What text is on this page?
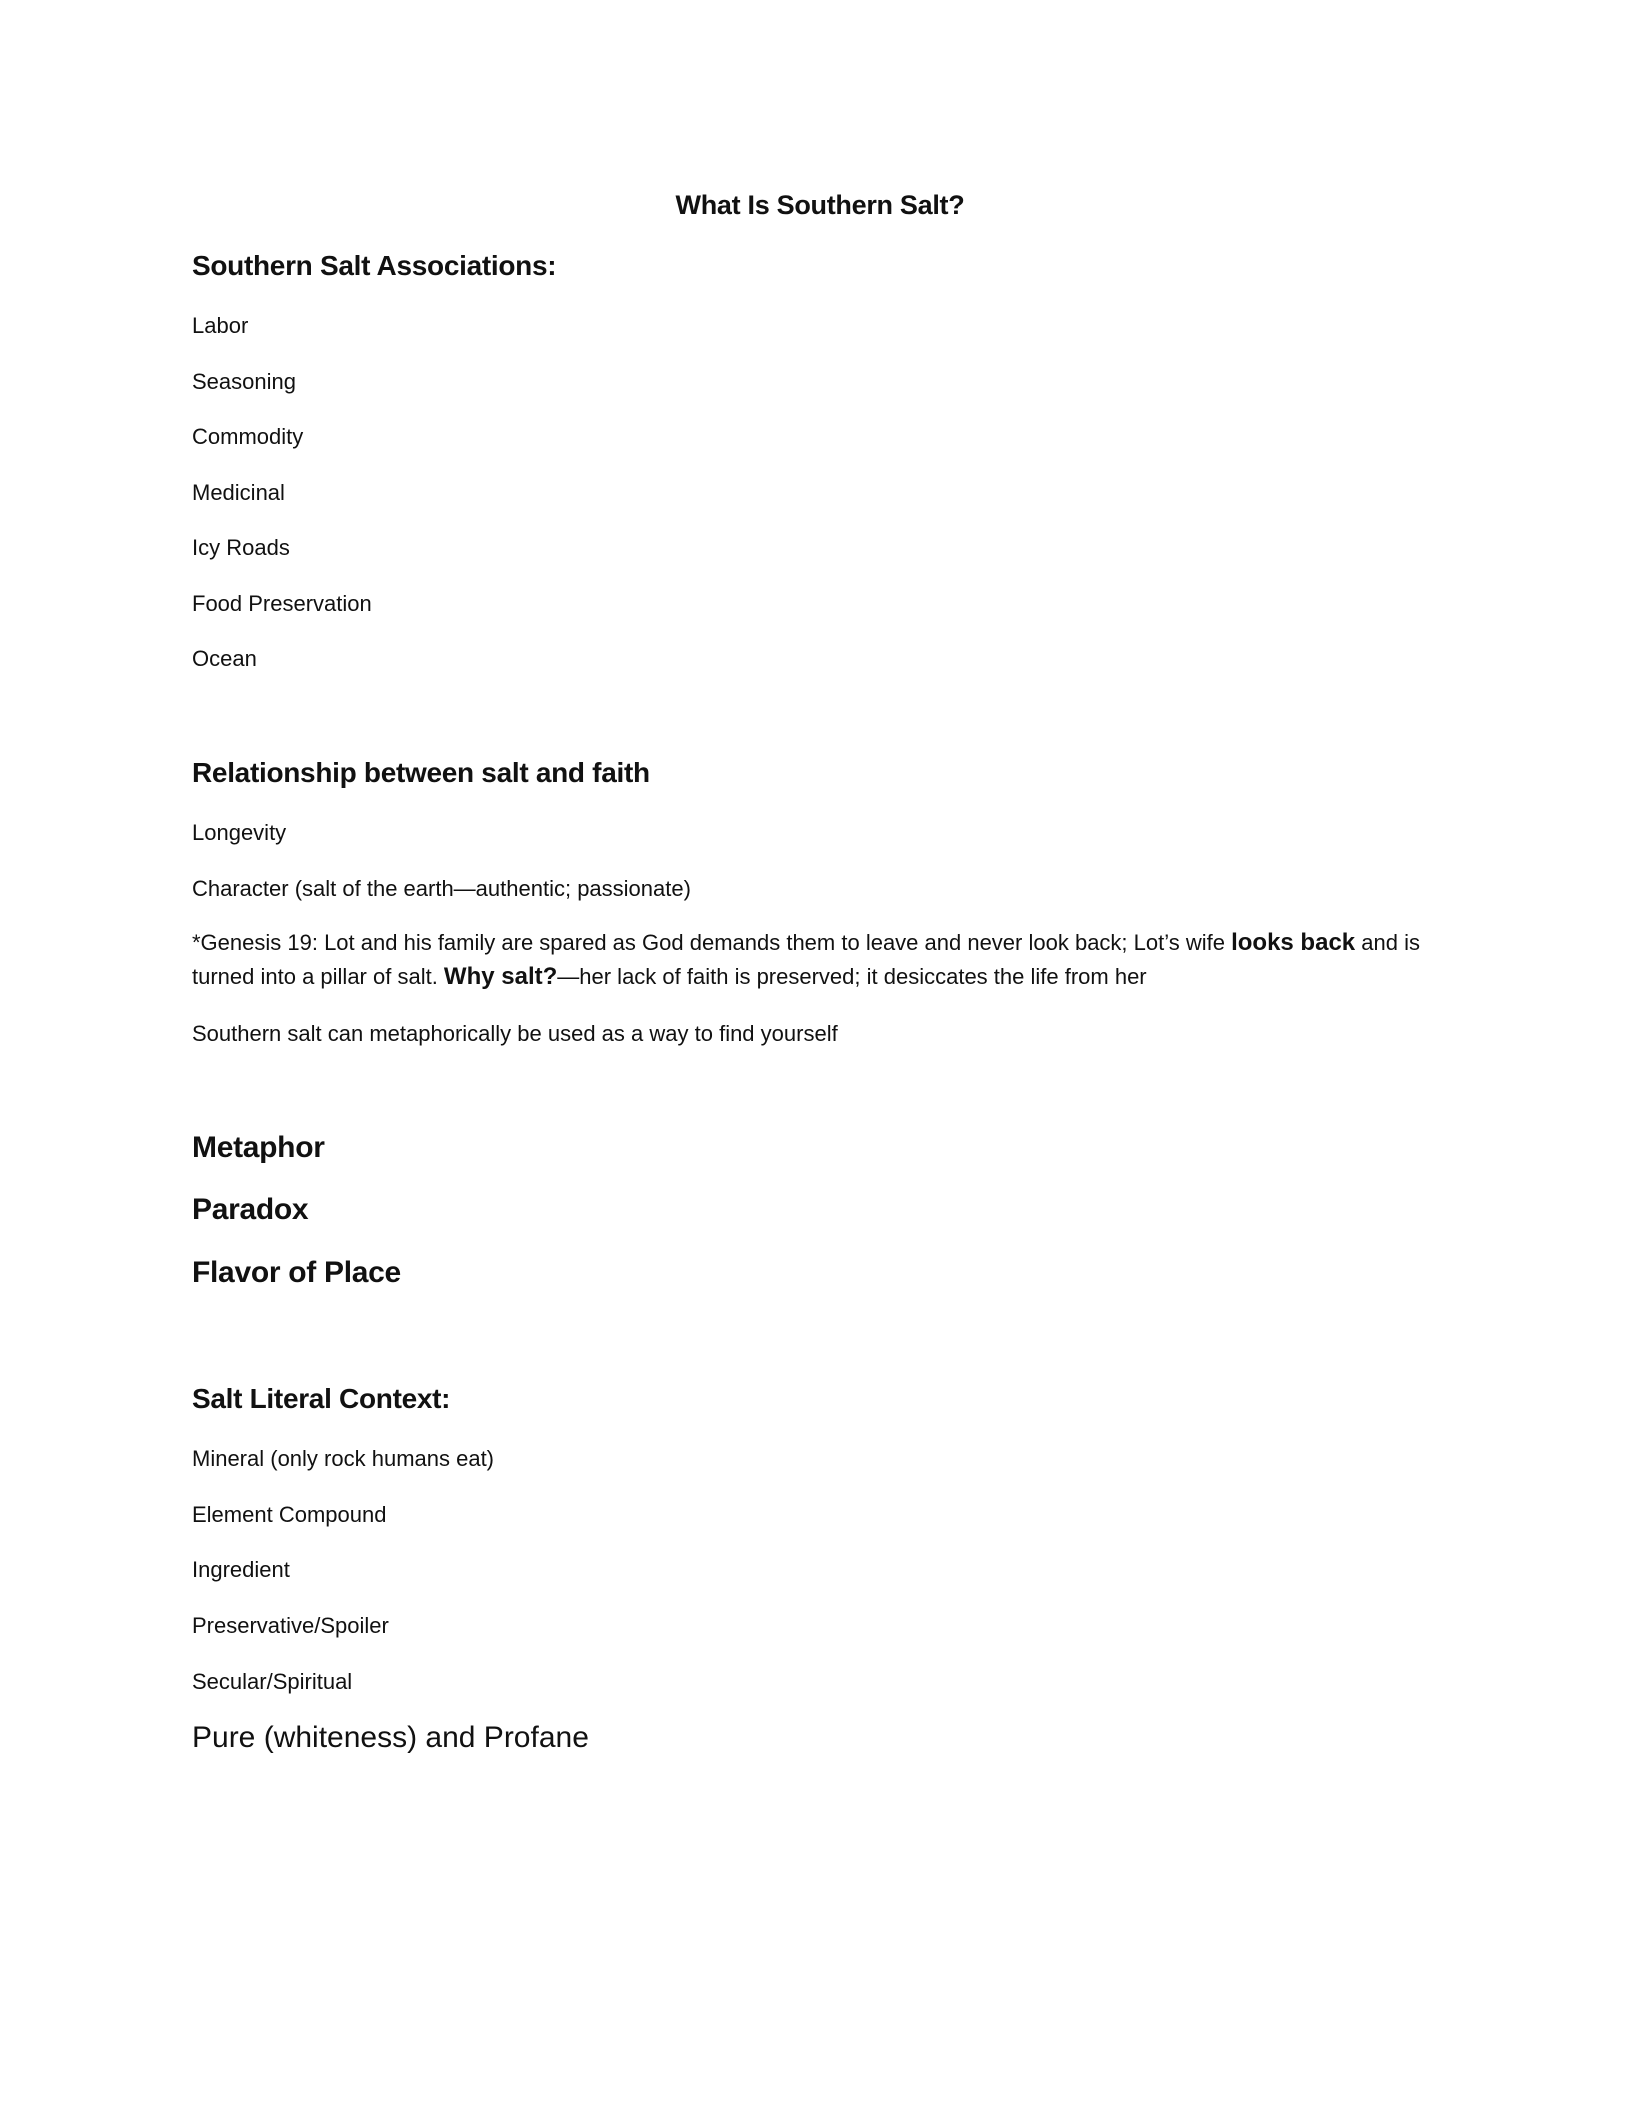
What Is Southern Salt?
Southern Salt Associations:
Labor
Seasoning
Commodity
Medicinal
Icy Roads
Food Preservation
Ocean
Relationship between salt and faith
Longevity
Character (salt of the earth—authentic; passionate)
*Genesis 19: Lot and his family are spared as God demands them to leave and never look back; Lot’s wife looks back and is turned into a pillar of salt. Why salt?—her lack of faith is preserved; it desiccates the life from her
Southern salt can metaphorically be used as a way to find yourself
Metaphor
Paradox
Flavor of Place
Salt Literal Context:
Mineral (only rock humans eat)
Element Compound
Ingredient
Preservative/Spoiler
Secular/Spiritual
Pure (whiteness) and Profane
